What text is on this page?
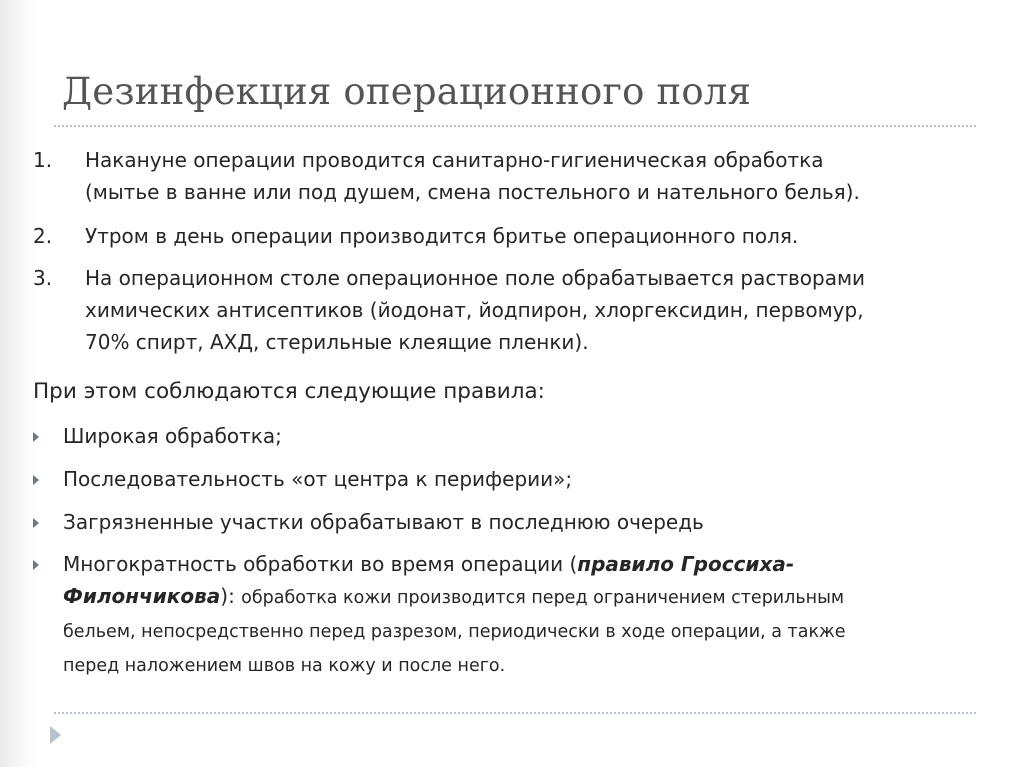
Дезинфекция операционного поля
1. Накануне операции проводится санитарно-гигиеническая обработка
(мытье в ванне или под душем, смена постельного и нательного белья).
2. Утром в день операции производится бритье операционного поля.
3. На операционном столе операционное поле обрабатывается растворами
химических антисептиков (йодонат, йодпирон, хлоргексидин, первомур,
70% спирт, АХД, стерильные клеящие пленки).
При этом соблюдаются следующие правила:
Широкая обработка;
Последовательность «от центра к периферии»;
Загрязненные участки обрабатывают в последнюю очередь
Многократность обработки во время операции (правило Гроссиха-
Филончикова): обработка кожи производится перед ограничением стерильным
бельем, непосредственно перед разрезом, периодически в ходе операции, а также
перед наложением швов на кожу и после него.
